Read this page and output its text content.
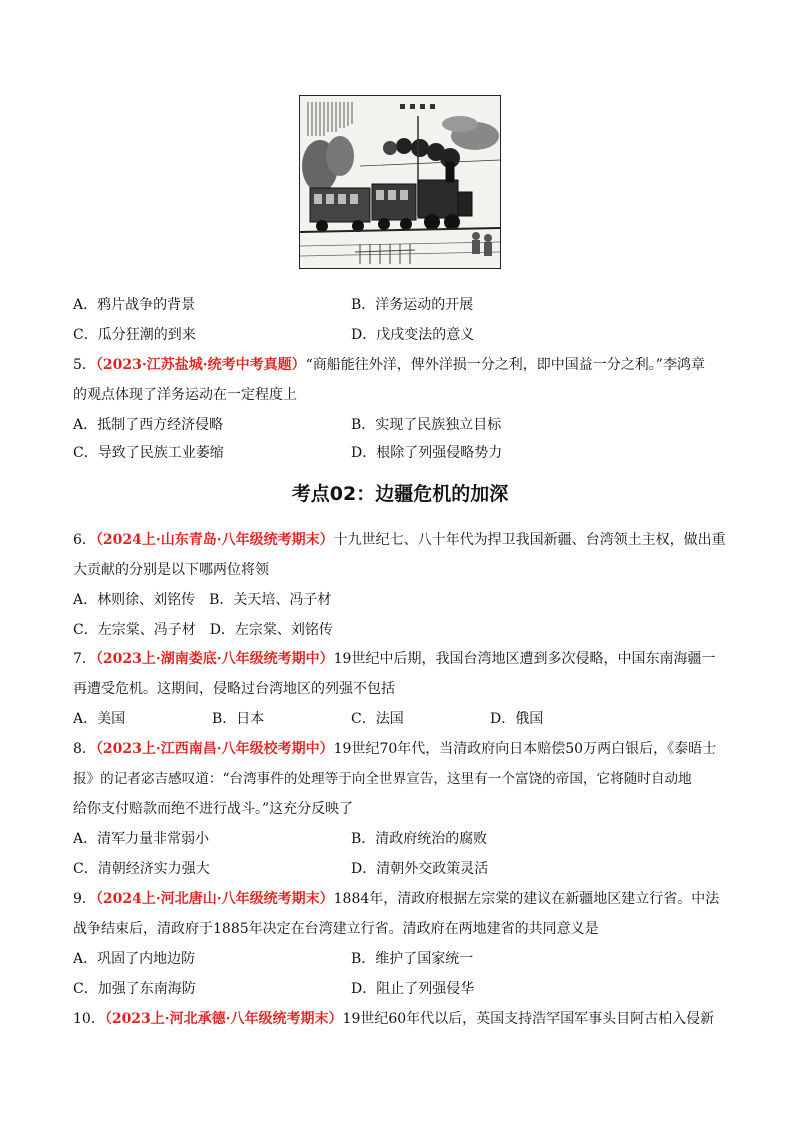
A．鸦片战争的背景	B．洋务运动的开展
C．瓜分狂潮的到来	D．戊戌变法的意义
5．（2023·江苏盐城·统考中考真题）“商船能往外洋，俾外洋损一分之利，即中国益一分之利。”李鸿章
的观点体现了洋务运动在一定程度上
A．抵制了西方经济侵略	B．实现了民族独立目标
C．导致了民族工业萎缩	D．根除了列强侵略势力
考点02：边疆危机的加深
6．（2024上·山东青岛·八年级统考期末）十九世纪七、八十年代为捍卫我国新疆、台湾领土主权，做出重
大贡献的分别是以下哪两位将领
A．林则徐、刘铭传　B．关天培、冯子材
C．左宗棠、冯子材　D．左宗棠、刘铭传
7．（2023上·湖南娄底·八年级统考期中）19世纪中后期，我国台湾地区遭到多次侵略，中国东南海疆一
再遭受危机。这期间，侵略过台湾地区的列强不包括
A．美国	B．日本	C．法国	D．俄国
8．（2023上·江西南昌·八年级校考期中）19世纪70年代，当清政府向日本赔偿50万两白银后，《泰晤士
报》的记者宓吉感叹道：“台湾事件的处理等于向全世界宣告，这里有一个富饶的帝国，它将随时自动地
给你支付赔款而绝不进行战斗。”这充分反映了
A．清军力量非常弱小	B．清政府统治的腐败
C．清朝经济实力强大	D．清朝外交政策灵活
9．（2024上·河北唐山·八年级统考期末）1884年，清政府根据左宗棠的建议在新疆地区建立行省。中法
战争结束后，清政府于1885年决定在台湾建立行省。清政府在两地建省的共同意义是
A．巩固了内地边防	B．维护了国家统一
C．加强了东南海防	D．阻止了列强侵华
10．（2023上·河北承德·八年级统考期末）19世纪60年代以后，英国支持浩罕国军事头目阿古柏入侵新
